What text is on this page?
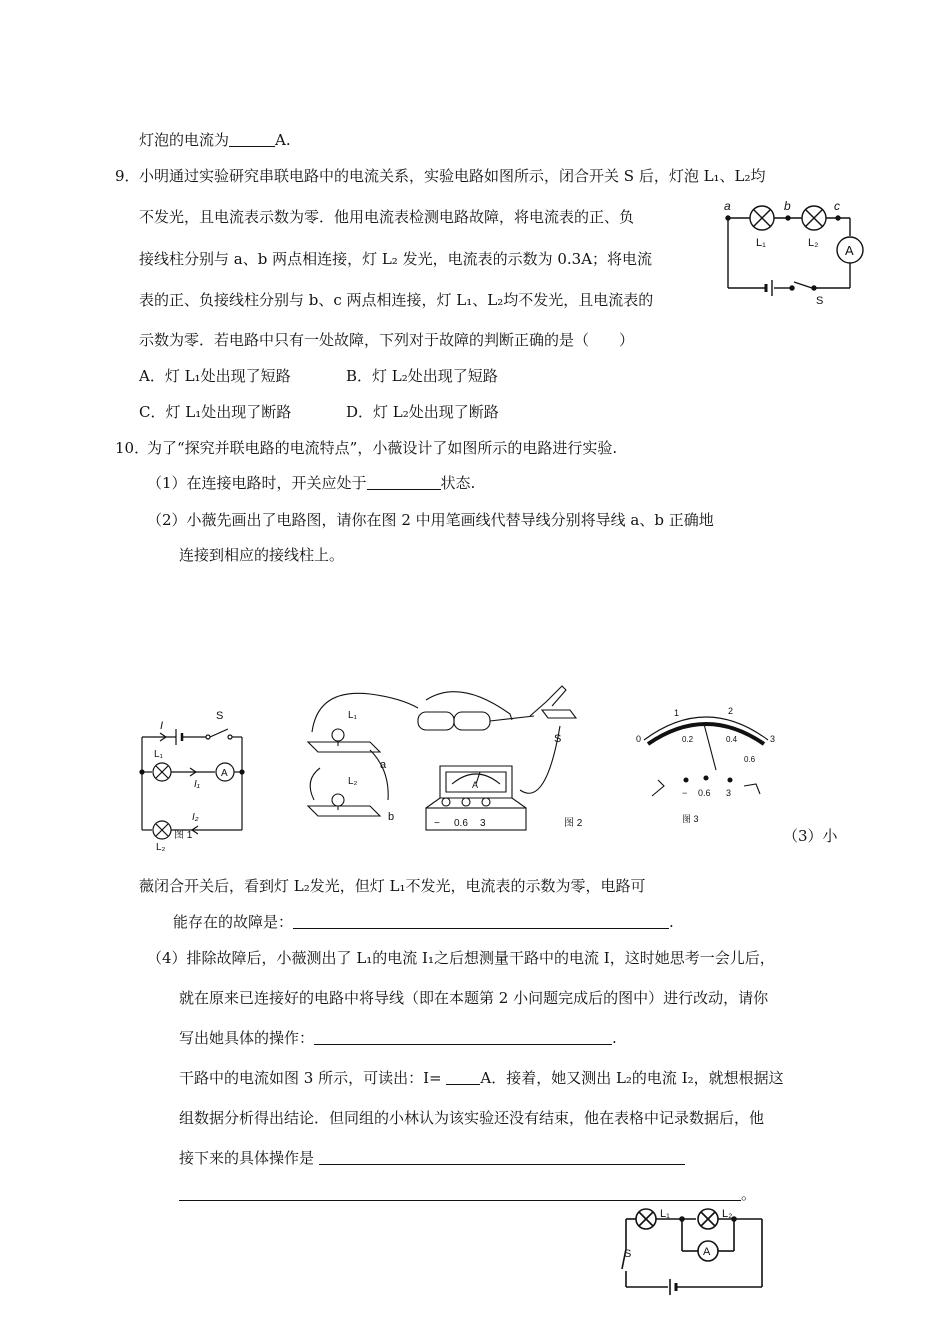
灯泡的电流为	A.
9． 小明通过实验研究串联电路中的电流关系，实验电路如图所示，闭合开关 S 后，灯泡 L₁、L₂均
不发光，且电流表示数为零．他用电流表检测电路故障，将电流表的正、负
接线柱分别与 a、b 两点相连接，灯 L₂ 发光，电流表的示数为 0.3A；将电流
表的正、负接线柱分别与 b、c 两点相连接，灯 L₁、L₂均不发光，且电流表的
示数为零．若电路中只有一处故障，下列对于故障的判断正确的是（　　）
A．灯 L₁处出现了短路	B．灯 L₂处出现了短路
C．灯 L₁处出现了断路	D．灯 L₂处出现了断路
a	b	c
L₁	L₂ A
S
10．
为了“探究并联电路的电流特点”，小薇设计了如图所示的电路进行实验.
（1）在连接电路时，开关应处于	状态.
（2）小薇先画出了电路图，请你在图 2 中用笔画线代替导线分别将导线 a、b 正确地
连接到相应的接线柱上。
S
I
L₁
A
I₁
I₂
L₂
图 1
L₁
L₂
a
b
S
A
− 0.6 3	图 2
0
1	2
3
0.2	0.4
0.6
− 0.6 3
图 3
（3）小
薇闭合开关后，看到灯 L₂发光，但灯 L₁不发光，电流表的示数为零，电路可
能存在的故障是：	.
（4）排除故障后，小薇测出了 L₁的电流 I₁之后想测量干路中的电流 I，这时她思考一会儿后，
就在原来已连接好的电路中将导线（即在本题第 2 小问题完成后的图中）进行改动，请你
写出她具体的操作：	.
干路中的电流如图 3 所示，可读出：I=	A．接着，她又测出 L₂的电流 I₂，就想根据这
组数据分析得出结论．但同组的小林认为该实验还没有结束，他在表格中记录数据后，他
接下来的具体操作是
。
L₁	L₂
A
S
